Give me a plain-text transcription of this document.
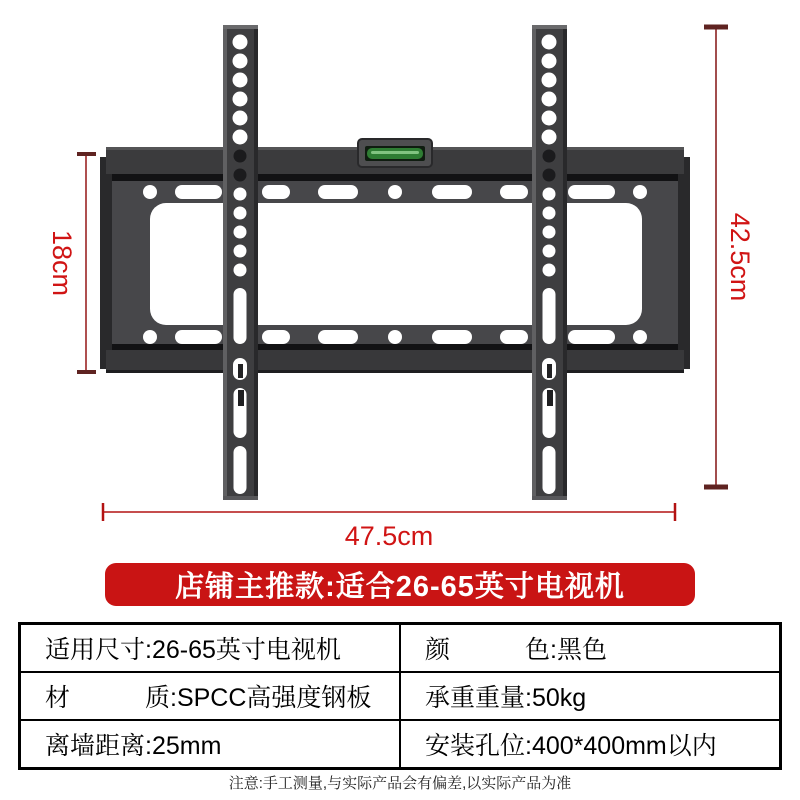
18cm	42.5cm
47.5cm
店铺主推款:适合26-65英寸电视机
适用尺寸:26-65英寸电视机	颜　　　色:黑色
材　　　质:SPCC高强度钢板	承重重量:50kg
离墙距离:25mm	安装孔位:400*400mm以内
注意:手工测量,与实际产品会有偏差,以实际产品为准
